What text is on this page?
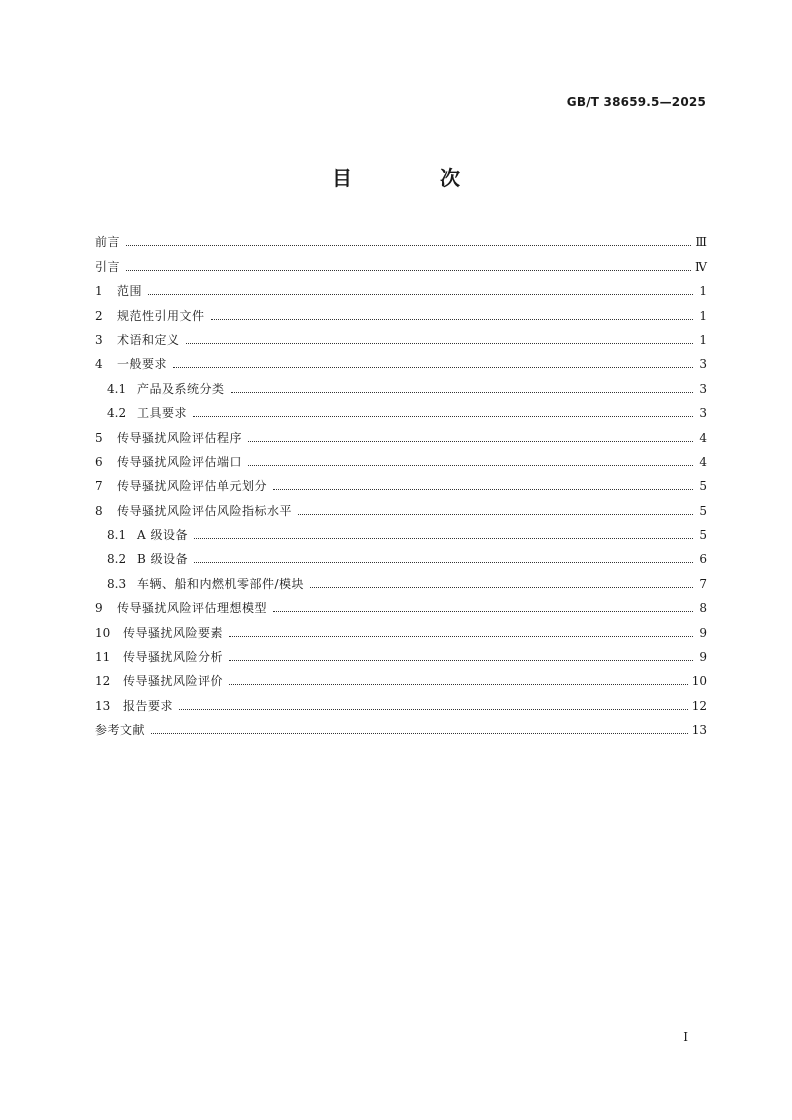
GB/T 38659.5—2025
目　次
前言	Ⅲ
引言	Ⅳ
1	范围	1
2	规范性引用文件	1
3	术语和定义	1
4	一般要求	3
4.1 产品及系统分类	3
4.2 工具要求	3
5	传导骚扰风险评估程序	4
6	传导骚扰风险评估端口	4
7	传导骚扰风险评估单元划分	5
8	传导骚扰风险评估风险指标水平	5
8.1 A 级设备	5
8.2 B 级设备	6
8.3 车辆、船和内燃机零部件/模块	7
9	传导骚扰风险评估理想模型	8
10	传导骚扰风险要素	9
11	传导骚扰风险分析	9
12	传导骚扰风险评价	10
13	报告要求	12
参考文献	13
Ⅰ
